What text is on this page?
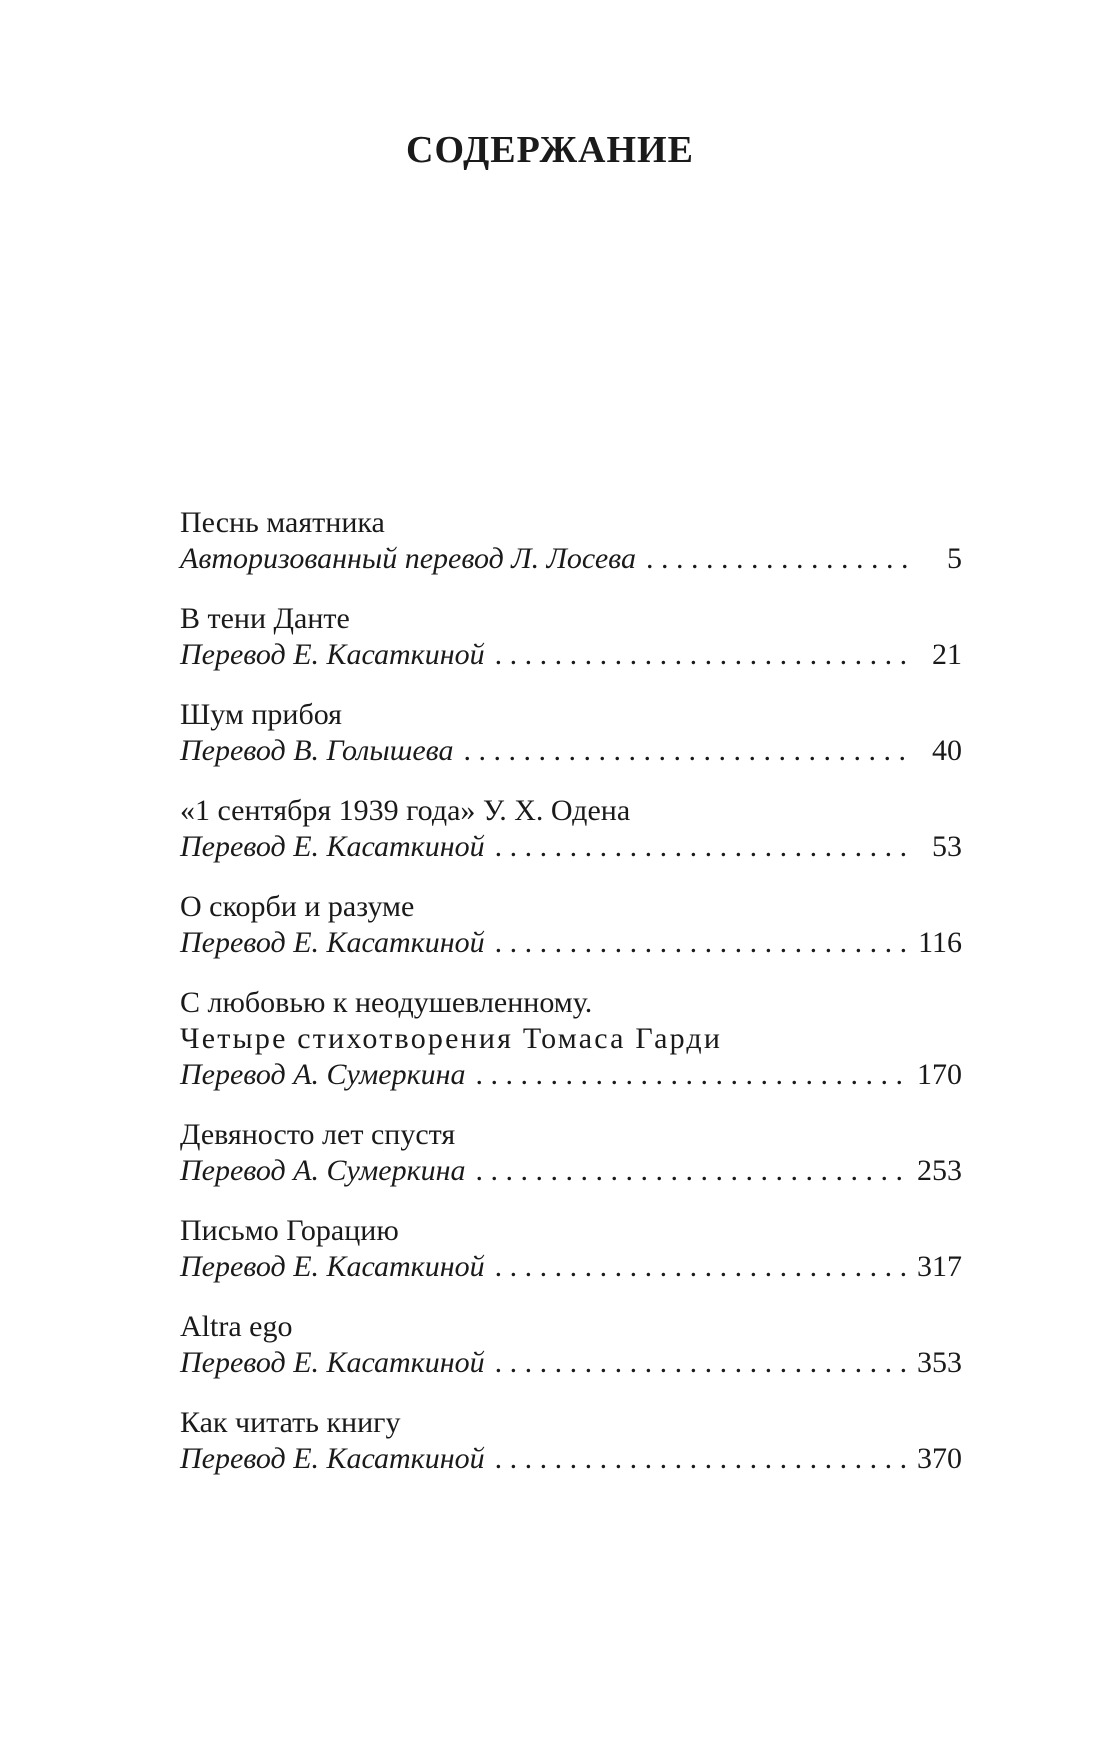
СОДЕРЖАНИЕ
Песнь маятника
Авторизованный перевод Л. Лосева . . .	5
В тени Данте
Перевод Е. Касаткиной . . .	21
Шум прибоя
Перевод В. Голышева . . .	40
«1 сентября 1939 года» У. Х. Одена
Перевод Е. Касаткиной . . .	53
О скорби и разуме
Перевод Е. Касаткиной . . .	116
С любовью к неодушевленному.
Четыре стихотворения Томаса Гарди
Перевод А. Сумеркина . . .	170
Девяносто лет спустя
Перевод А. Сумеркина . . .	253
Письмо Горацию
Перевод Е. Касаткиной . . .	317
Altra ego
Перевод Е. Касаткиной . . .	353
Как читать книгу
Перевод Е. Касаткиной . . .	370
